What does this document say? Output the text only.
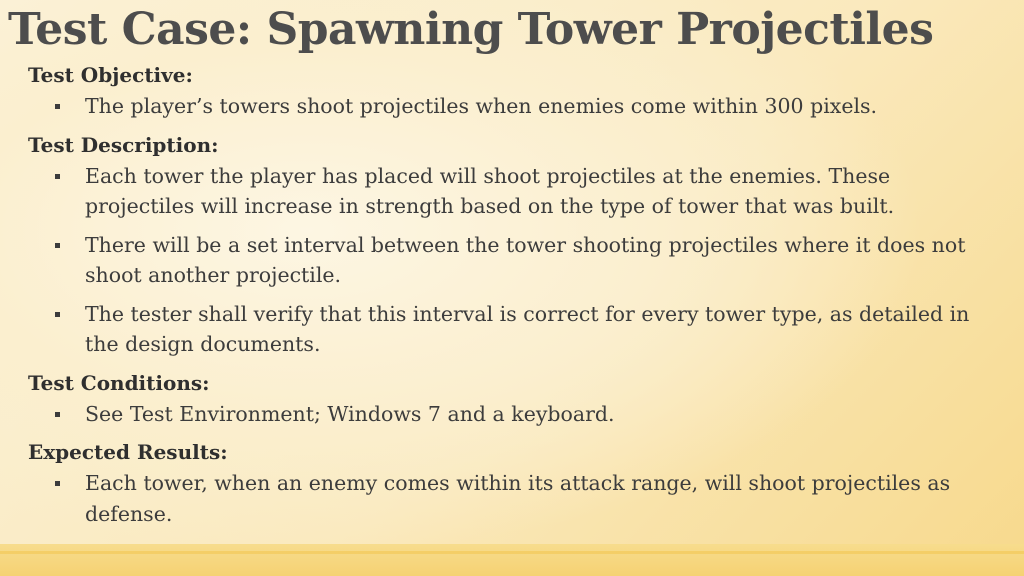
Test Case: Spawning Tower Projectiles
Test Objective:
The player’s towers shoot projectiles when enemies come within 300 pixels.
Test Description:
Each tower the player has placed will shoot projectiles at the enemies. These projectiles will increase in strength based on the type of tower that was built.
There will be a set interval between the tower shooting projectiles where it does not shoot another projectile.
The tester shall verify that this interval is correct for every tower type, as detailed in the design documents.
Test Conditions:
See Test Environment; Windows 7 and a keyboard.
Expected Results:
Each tower, when an enemy comes within its attack range, will shoot projectiles as defense.
